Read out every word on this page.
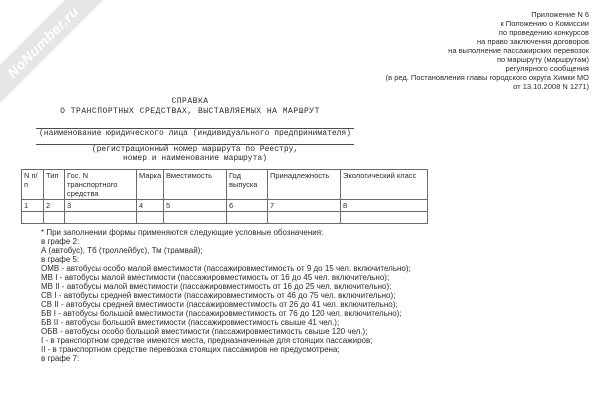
NoNumber.ru	Приложение N 6
к Положению о Комиссии
по проведению конкурсов
на право заключения договоров
на выполнение пассажирских перевозок
по маршруту (маршрутам)
регулярного сообщения
(в ред. Постановления главы городского округа Химки МО
от 13.10.2008 N 1271)
СПРАВКА
О ТРАНСПОРТНЫХ СРЕДСТВАХ, ВЫСТАВЛЯЕМЫХ НА МАРШРУТ
(наименование юридического лица (индивидуального предпринимателя)
(регистрационный номер маршрута по Реестру,
номер и наименование маршрута)
N п/п	Тип	Гос. N транспортного средства	Марка	Вместимость	Год выпуска	Принадлежность	Экологический класс
1	2	3	4	5	6	7	8

* При заполнении формы применяются следующие условные обозначения:
в графе 2:
А (автобус), Тб (троллейбус), Тм (трамвай);
в графе 5:
ОМВ - автобусы особо малой вместимости (пассажировместимость от 9 до 15 чел. включительно);
МВ I - автобусы малой вместимости (пассажировместимость от 16 до 45 чел. включительно);
МВ II - автобусы малой вместимости (пассажировместимость от 16 до 25 чел. включительно);
СВ I - автобусы средней вместимости (пассажировместимость от 46 до 75 чел. включительно);
СВ II - автобусы средней вместимости (пассажировместимость от 26 до 41 чел. включительно);
БВ I - автобусы большой вместимости (пассажировместимость от 76 до 120 чел. включительно);
БВ II - автобусы большой вместимости (пассажировместимость свыше 41 чел.);
ОБВ - автобусы особо большой вместимости (пассажировместимость свыше 120 чел.);
I - в транспортном средстве имеются места, предназначенные для стоящих пассажиров;
II - в транспортном средстве перевозка стоящих пассажиров не предусмотрена;
в графе 7:
